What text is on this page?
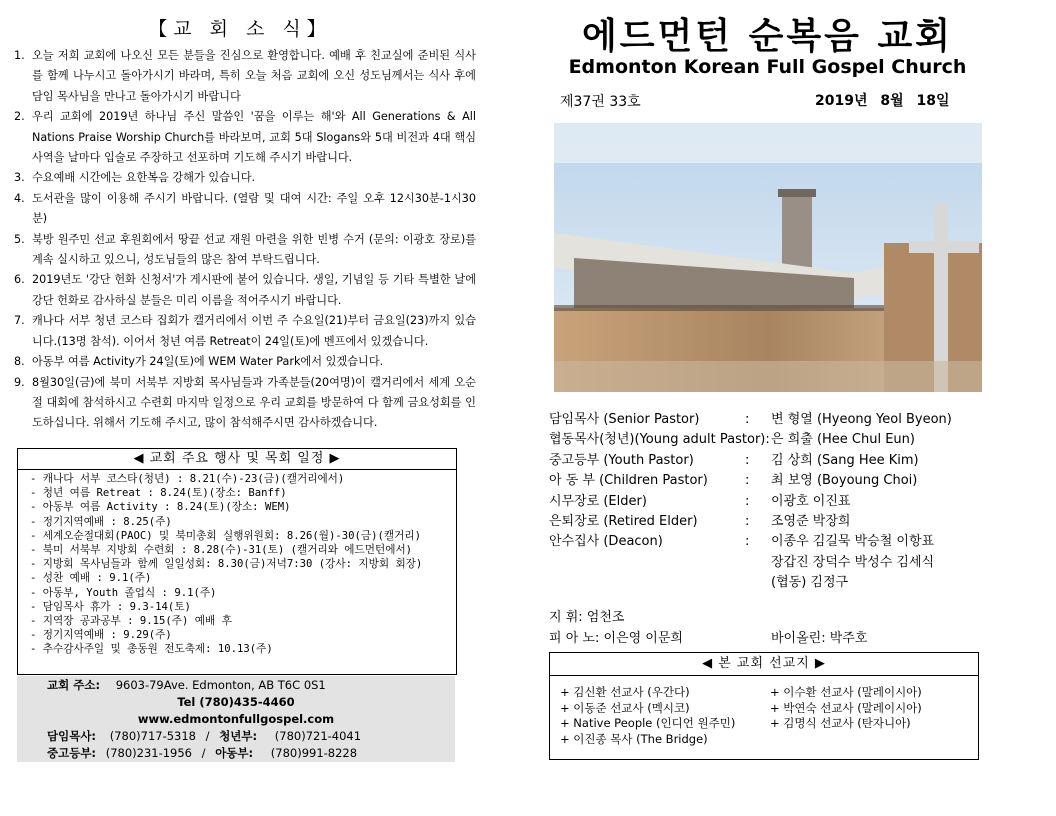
【교 회 소 식】
1. 오늘 저희 교회에 나오신 모든 분들을 진심으로 환영합니다. 예배 후 친교실에 준비된 식사를 함께 나누시고 돌아가시기 바라며, 특히 오늘 처음 교회에 오신 성도님께서는 식사 후에 담임 목사님을 만나고 돌아가시기 바랍니다
2. 우리 교회에 2019년 하나님 주신 말씀인 '꿈을 이루는 해'와 All Generations & All Nations Praise Worship Church를 바라보며, 교회 5대 Slogans와 5대 비전과 4대 핵심 사역을 날마다 입술로 주장하고 선포하며 기도해 주시기 바랍니다.
3. 수요예배 시간에는 요한복음 강해가 있습니다.
4. 도서관을 많이 이용해 주시기 바랍니다. (열람 및 대여 시간: 주일 오후 12시30분-1시30분)
5. 북방 원주민 선교 후원회에서 땅끝 선교 재원 마련을 위한 빈병 수거 (문의: 이광호 장로)를 계속 실시하고 있으니, 성도님들의 많은 참여 부탁드립니다.
6. 2019년도 '강단 헌화 신청서'가 게시판에 붙어 있습니다. 생일, 기념일 등 기타 특별한 날에 강단 헌화로 감사하실 분들은 미리 이름을 적어주시기 바랍니다.
7. 캐나다 서부 청년 코스타 집회가 캘거리에서 이번 주 수요일(21)부터 금요일(23)까지 있습니다.(13명 참석). 이어서 청년 여름 Retreat이 24일(토)에 벤프에서 있겠습니다.
8. 아동부 여름 Activity가 24일(토)에 WEM Water Park에서 있겠습니다.
9. 8월30일(금)에 북미 서북부 지방회 목사님들과 가족분들(20여명)이 캘거리에서 세계 오순절 대회에 참석하시고 수련회 마지막 일정으로 우리 교회를 방문하여 다 함께 금요성회를 인도하십니다. 위해서 기도해 주시고, 많이 참석해주시면 감사하겠습니다.
◀ 교회 주요 행사 및 목회 일정 ▶
- 캐나다 서부 코스타(청년) : 8.21(수)-23(금)(캘거리에서)
- 청년 여름 Retreat : 8.24(토)(장소: Banff)
- 아동부 여름 Activity : 8.24(토)(장소: WEM)
- 정기지역예배 : 8.25(주)
- 세계오순절대회(PAOC) 및 북미총회 실행위원회: 8.26(월)-30(금)(캘거리)
- 북미 서북부 지방회 수련회 : 8.28(수)-31(토) (캘거리와 에드먼턴에서)
- 지방회 목사님들과 함께 일일성회: 8.30(금)저녁7:30 (강사: 지방회 회장)
- 성찬 예배 : 9.1(주)
- 아동부, Youth 졸업식 : 9.1(주)
- 담임목사 휴가 : 9.3-14(토)
- 지역장 공과공부 : 9.15(주) 예배 후
- 정기지역예배 : 9.29(주)
- 추수감사주일 및 총동원 전도축제: 10.13(주)
교회 주소: 9603-79Ave. Edmonton, AB T6C 0S1
Tel (780)435-4460
www.edmontonfullgospel.com
담임목사: (780)717-5318 / 청년부: (780)721-4041
중고등부: (780)231-1956 / 아동부: (780)991-8228
에드먼턴 순복음 교회
Edmonton Korean Full Gospel Church
제37권 33호	2019년 8월 18일
담임목사 (Senior Pastor)	: 변 형열 (Hyeong Yeol Byeon)
협동목사(청년)(Young adult Pastor): 은 희출 (Hee Chul Eun)
중고등부 (Youth Pastor)	: 김 상희 (Sang Hee Kim)
아 동 부 (Children Pastor)	: 최 보영 (Boyoung Choi)
시무장로 (Elder)	: 이광호 이진표
은퇴장로 (Retired Elder)	: 조영준 박장희
안수집사 (Deacon)	: 이종우 김길묵 박승철 이항표
장갑진 장덕수 박성수 김세식
(협동) 김정구
지 휘: 엄천조
피 아 노: 이은영 이문희	바이올린: 박주호
◀ 본 교회 선교지 ▶
+ 김신환 선교사 (우간다)
+ 이동준 선교사 (멕시코)
+ Native People (인디언 원주민)
+ 이진종 목사 (The Bridge)
+ 이수환 선교사 (말레이시아)
+ 박연숙 선교사 (말레이시아)
+ 김명식 선교사 (탄자니아)
